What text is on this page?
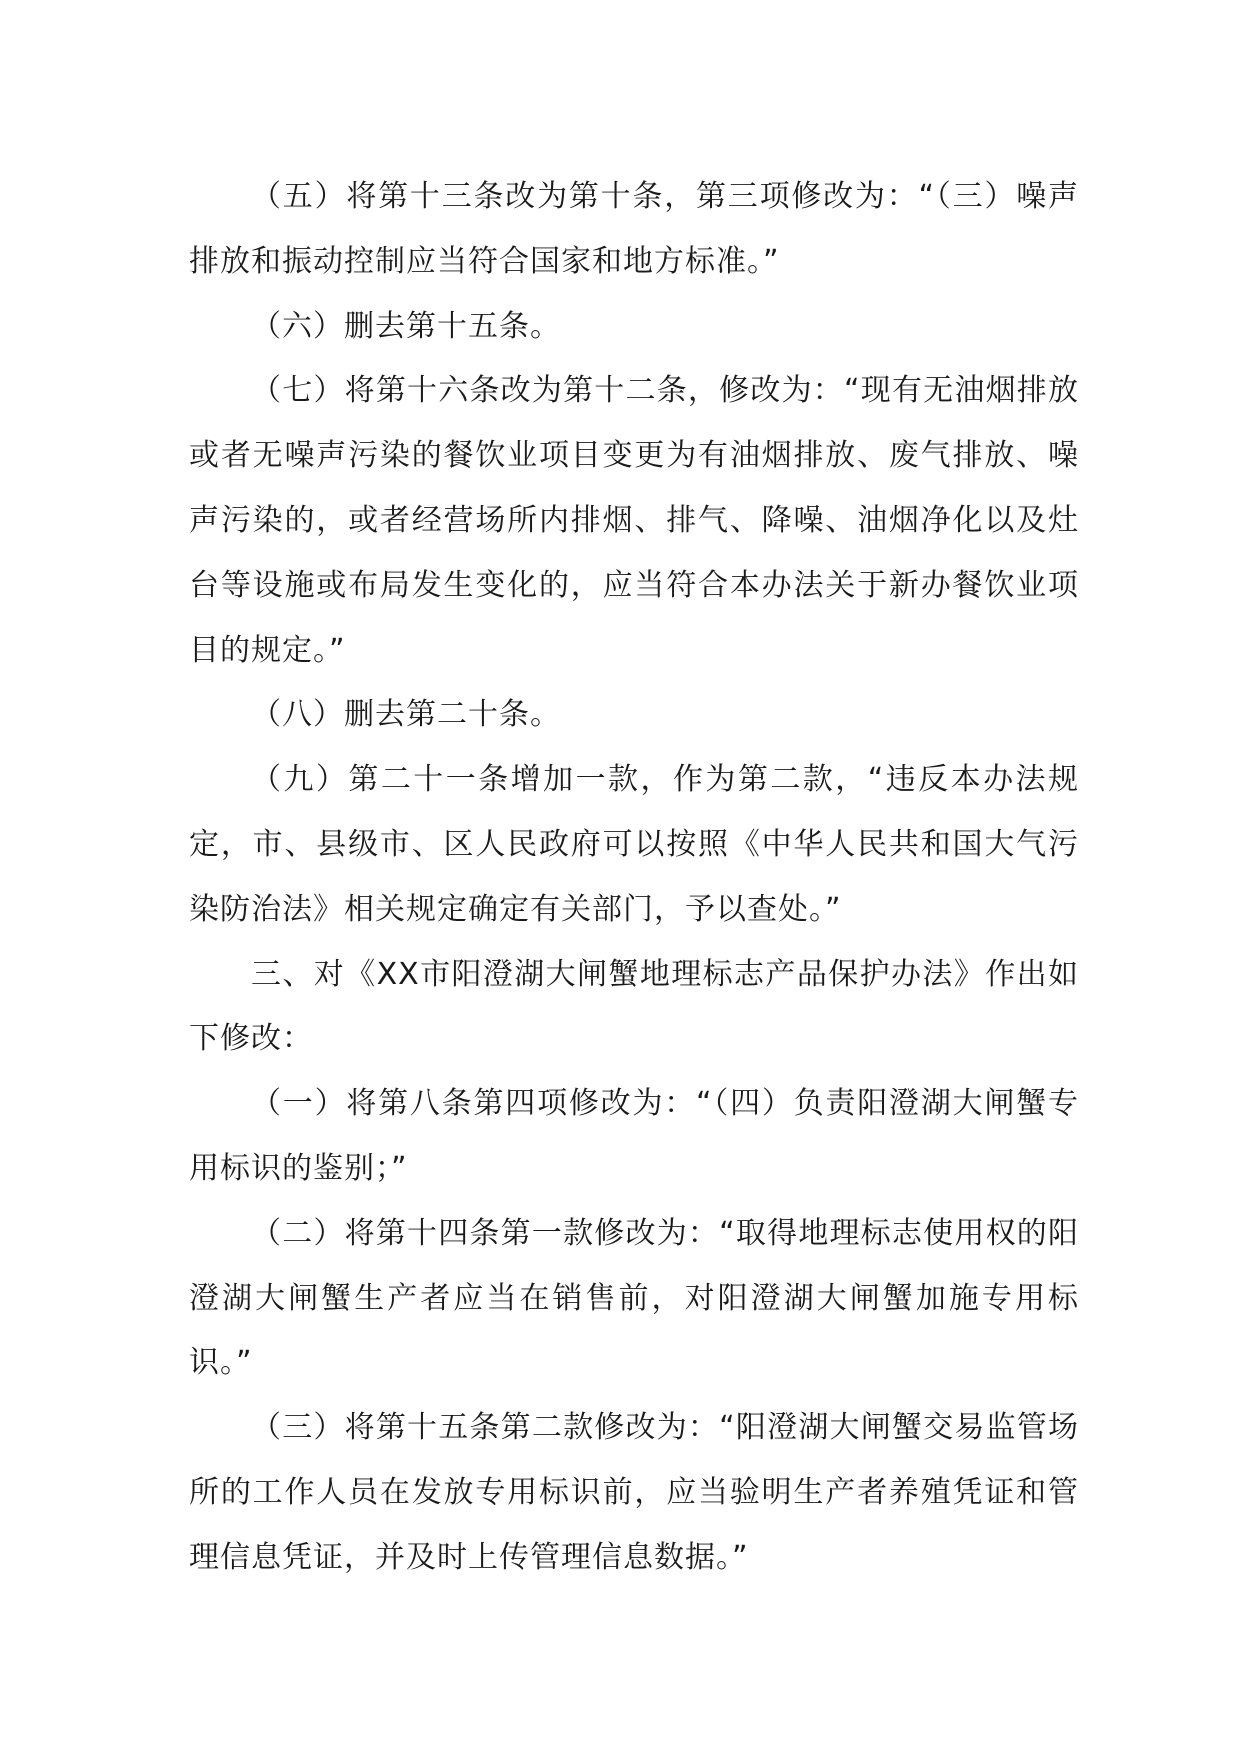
（五）将第十三条改为第十条，第三项修改为：“（三）噪声排放和振动控制应当符合国家和地方标准。”

（六）删去第十五条。

（七）将第十六条改为第十二条，修改为：“现有无油烟排放或者无噪声污染的餐饮业项目变更为有油烟排放、废气排放、噪声污染的，或者经营场所内排烟、排气、降噪、油烟净化以及灶台等设施或布局发生变化的，应当符合本办法关于新办餐饮业项目的规定。”

（八）删去第二十条。

（九）第二十一条增加一款，作为第二款，“违反本办法规定，市、县级市、区人民政府可以按照《中华人民共和国大气污染防治法》相关规定确定有关部门，予以查处。”

三、对《XX市阳澄湖大闸蟹地理标志产品保护办法》作出如下修改：

（一）将第八条第四项修改为：“（四）负责阳澄湖大闸蟹专用标识的鉴别；”

（二）将第十四条第一款修改为：“取得地理标志使用权的阳澄湖大闸蟹生产者应当在销售前，对阳澄湖大闸蟹加施专用标识。”

（三）将第十五条第二款修改为：“阳澄湖大闸蟹交易监管场所的工作人员在发放专用标识前，应当验明生产者养殖凭证和管理信息凭证，并及时上传管理信息数据。”
